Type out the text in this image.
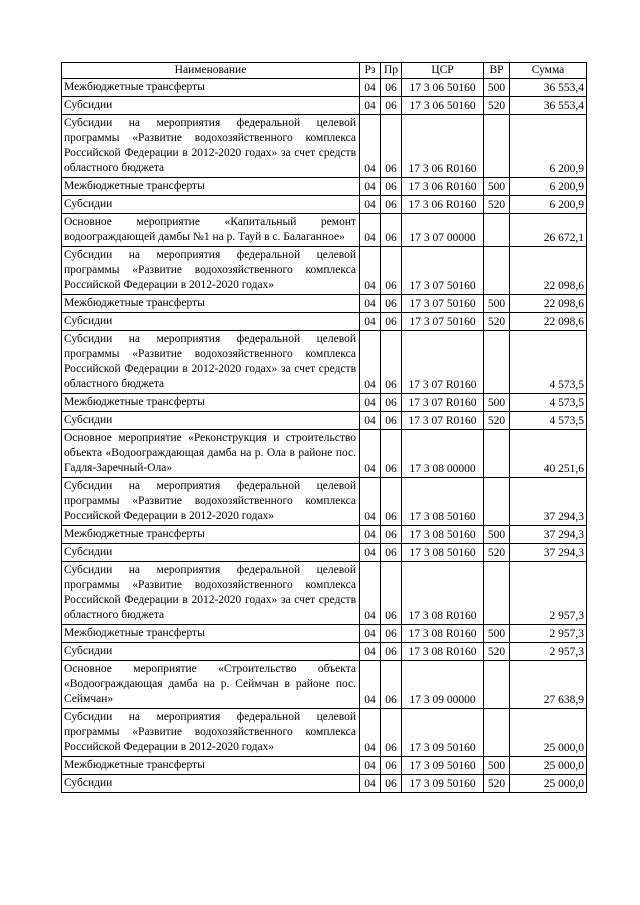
Наименование	Рз	Пр	ЦСР	ВР	Сумма
Межбюджетные трансферты	04	06	17 3 06 50160	500	36 553,4
Субсидии	04	06	17 3 06 50160	520	36 553,4
Субсидии на мероприятия федеральной целевой программы «Развитие водохозяйственного комплекса Российской Федерации в 2012-2020 годах» за счет средств областного бюджета	04	06	17 3 06 R0160		6 200,9
Межбюджетные трансферты	04	06	17 3 06 R0160	500	6 200,9
Субсидии	04	06	17 3 06 R0160	520	6 200,9
Основное мероприятие «Капитальный ремонт водоограждающей дамбы №1 на р. Тауй в с. Балаганное»	04	06	17 3 07 00000		26 672,1
Субсидии на мероприятия федеральной целевой программы «Развитие водохозяйственного комплекса Российской Федерации в 2012-2020 годах»	04	06	17 3 07 50160		22 098,6
Межбюджетные трансферты	04	06	17 3 07 50160	500	22 098,6
Субсидии	04	06	17 3 07 50160	520	22 098,6
Субсидии на мероприятия федеральной целевой программы «Развитие водохозяйственного комплекса Российской Федерации в 2012-2020 годах» за счет средств областного бюджета	04	06	17 3 07 R0160		4 573,5
Межбюджетные трансферты	04	06	17 3 07 R0160	500	4 573,5
Субсидии	04	06	17 3 07 R0160	520	4 573,5
Основное мероприятие «Реконструкция и строительство объекта «Водоограждающая дамба на р. Ола в районе пос. Гадля-Заречный-Ола»	04	06	17 3 08 00000		40 251,6
Субсидии на мероприятия федеральной целевой программы «Развитие водохозяйственного комплекса Российской Федерации в 2012-2020 годах»	04	06	17 3 08 50160		37 294,3
Межбюджетные трансферты	04	06	17 3 08 50160	500	37 294,3
Субсидии	04	06	17 3 08 50160	520	37 294,3
Субсидии на мероприятия федеральной целевой программы «Развитие водохозяйственного комплекса Российской Федерации в 2012-2020 годах» за счет средств областного бюджета	04	06	17 3 08 R0160		2 957,3
Межбюджетные трансферты	04	06	17 3 08 R0160	500	2 957,3
Субсидии	04	06	17 3 08 R0160	520	2 957,3
Основное мероприятие «Строительство объекта «Водоограждающая дамба на р. Сеймчан в районе пос. Сеймчан»	04	06	17 3 09 00000		27 638,9
Субсидии на мероприятия федеральной целевой программы «Развитие водохозяйственного комплекса Российской Федерации в 2012-2020 годах»	04	06	17 3 09 50160		25 000,0
Межбюджетные трансферты	04	06	17 3 09 50160	500	25 000,0
Субсидии	04	06	17 3 09 50160	520	25 000,0
